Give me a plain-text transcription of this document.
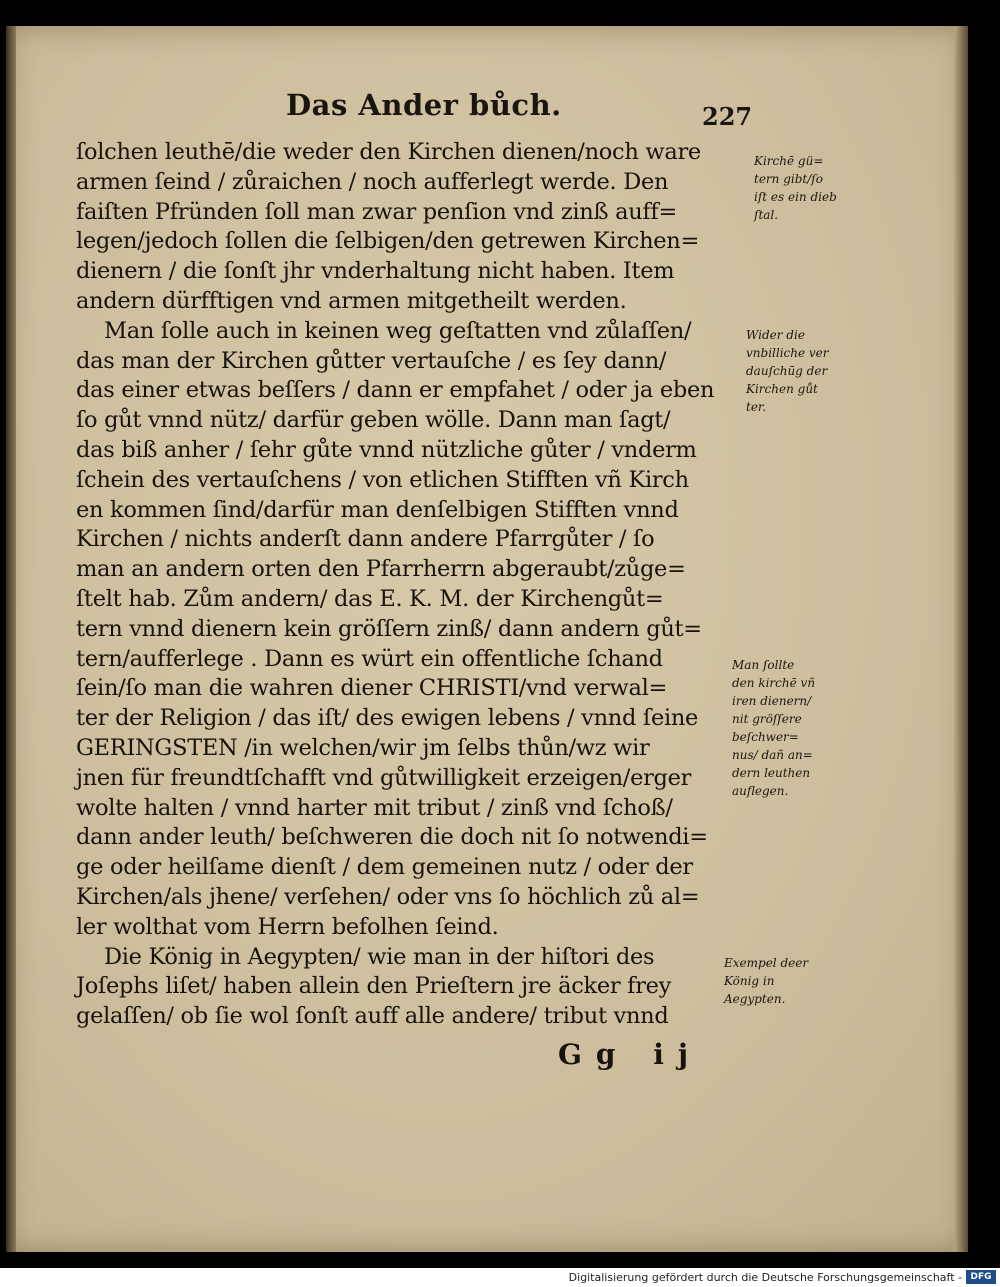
Das Ander bůch.	227
ſolchen leuthē/die weder den Kirchen dienen/noch ware
armen ſeind / zůraichen / noch aufferlegt werde. Den
faiſten Pfründen ſoll man zwar penſion vnd zinß auff=
legen/jedoch ſollen die ſelbigen/den getrewen Kirchen=
dienern / die ſonſt jhr vnderhaltung nicht haben. Item
andern dürfftigen vnd armen mitgetheilt werden.
Man ſolle auch in keinen weg geſtatten vnd zůlaſſen/
das man der Kirchen gůtter vertauſche / es ſey dann/
das einer etwas beſſers / dann er empfahet / oder ja eben
ſo gůt vnnd nütz/ darfür geben wölle. Dann man ſagt/
das biß anher / ſehr gůte vnnd nützliche gůter / vnderm
ſchein des vertauſchens / von etlichen Stifften vñ Kirch
en kommen ſind/darfür man denſelbigen Stifften vnnd
Kirchen / nichts anderſt dann andere Pfarrgůter / ſo
man an andern orten den Pfarrherrn abgeraubt/zůge=
ſtelt hab. Zům andern/ das E. K. M. der Kirchengůt=
tern vnnd dienern kein gröſſern zinß/ dann andern gůt=
tern/aufferlege . Dann es würt ein offentliche ſchand
ſein/ſo man die wahren diener CHRISTI/vnd verwal=
ter der Religion / das iſt/ des ewigen lebens / vnnd ſeine
GERINGSTEN /in welchen/wir jm ſelbs thůn/wz wir
jnen für freundtſchafft vnd gůtwilligkeit erzeigen/erger
wolte halten / vnnd harter mit tribut / zinß vnd ſchoß/
dann ander leuth/ beſchweren die doch nit ſo notwendi=
ge oder heilſame dienſt / dem gemeinen nutz / oder der
Kirchen/als jhene/ verſehen/ oder vns ſo höchlich zů al=
ler wolthat vom Herrn befolhen ſeind.
Die König in Aegypten/ wie man in der hiſtori des
Joſephs liſet/ haben allein den Prieſtern jre äcker frey
gelaſſen/ ob ſie wol ſonſt auff alle andere/ tribut vnnd
Kirchē gü=
tern gibt/ſo
iſt es ein dieb
ſtal.
Wider die
vnbilliche ver
dauſchūg der
Kirchen gůt
ter.
Man ſollte
den kirchē vñ
iren dienern/
nit gröſſere
beſchwer=
nus/ dañ an=
dern leuthen
auflegen.
Exempel deer
König in
Aegypten.
Gg ij
Digitalisierung gefördert durch die Deutsche Forschungsgemeinschaft - DFG
